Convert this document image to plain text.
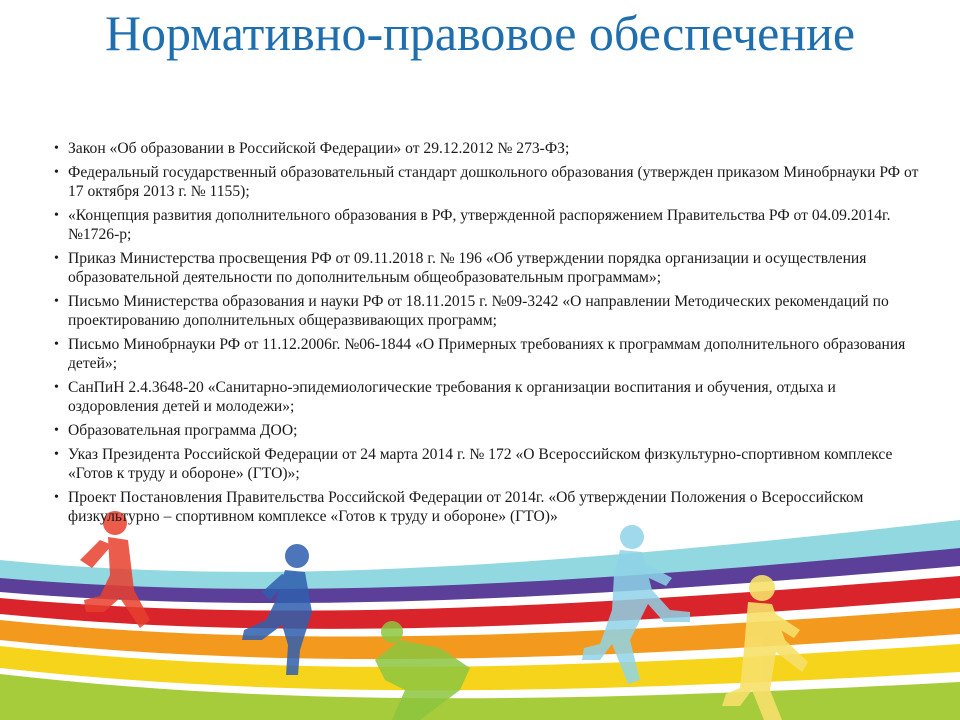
Нормативно-правовое обеспечение
• Закон «Об образовании в Российской Федерации» от 29.12.2012 № 273-ФЗ;
• Федеральный государственный образовательный стандарт дошкольного образования (утвержден приказом Минобрнауки РФ от 17 октября 2013 г. № 1155);
• «Концепция развития дополнительного образования в РФ, утвержденной распоряжением Правительства РФ от 04.09.2014г. №1726-р;
• Приказ Министерства просвещения РФ от 09.11.2018 г. № 196 «Об утверждении порядка организации и осуществления образовательной деятельности по дополнительным общеобразовательным программам»;
• Письмо Министерства образования и науки РФ от 18.11.2015 г. №09-3242 «О направлении Методических рекомендаций по проектированию дополнительных общеразвивающих программ;
• Письмо Минобрнауки РФ от 11.12.2006г. №06-1844 «О Примерных требованиях к программам дополнительного образования детей»;
• СанПиН 2.4.3648-20 «Санитарно-эпидемиологические требования к организации воспитания и обучения, отдыха и оздоровления детей и молодежи»;
• Образовательная программа ДОО;
• Указ Президента Российской Федерации от 24 марта 2014 г. № 172 «О Всероссийском физкультурно-спортивном комплексе «Готов к труду и обороне» (ГТО)»;
• Проект Постановления Правительства Российской Федерации от 2014г. «Об утверждении Положения о Всероссийском физкультурно – спортивном комплексе «Готов к труду и обороне» (ГТО)»
